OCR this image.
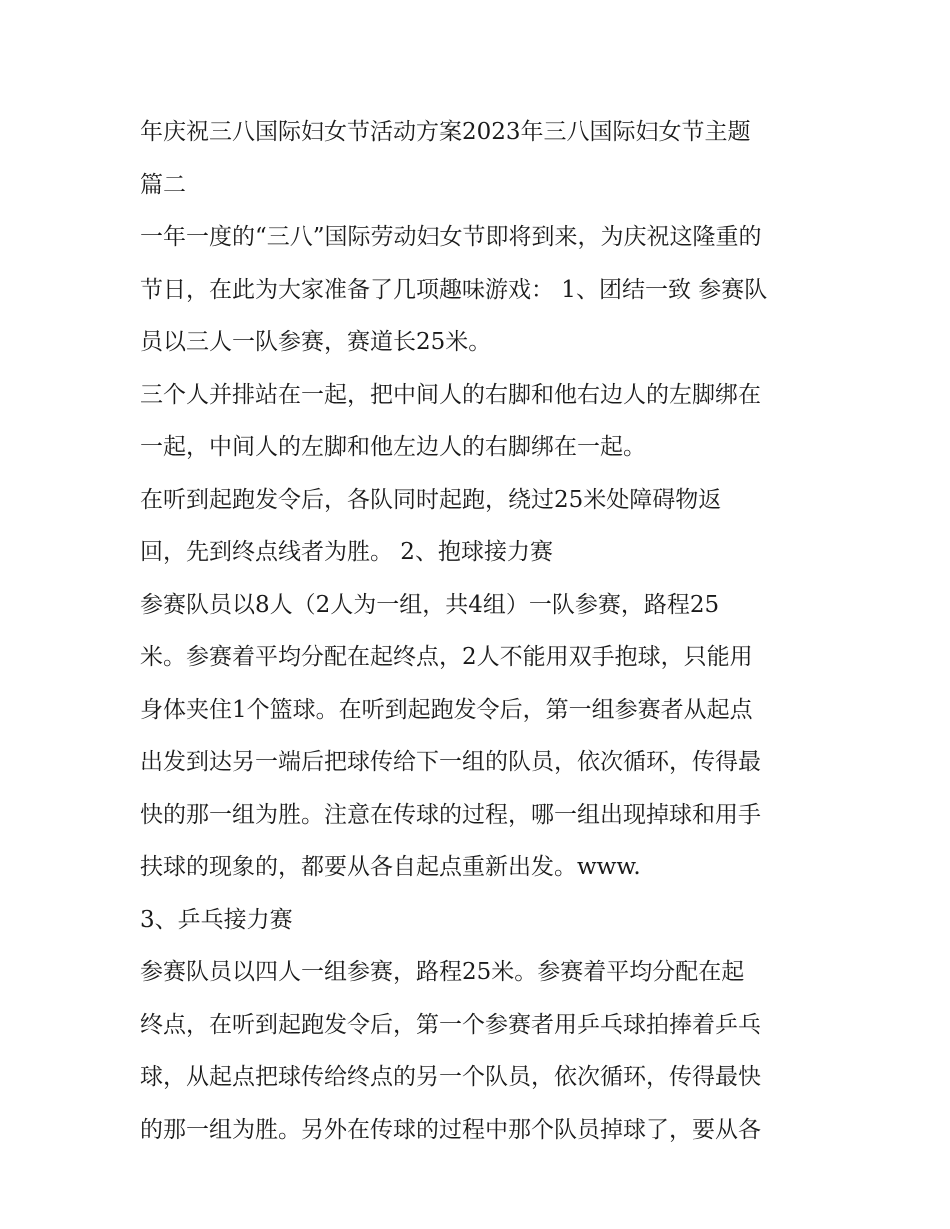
年庆祝三八国际妇女节活动方案2023年三八国际妇女节主题
篇二
一年一度的“三八”国际劳动妇女节即将到来，为庆祝这隆重的
节日，在此为大家准备了几项趣味游戏： 1、团结一致 参赛队
员以三人一队参赛，赛道长25米。
三个人并排站在一起，把中间人的右脚和他右边人的左脚绑在
一起，中间人的左脚和他左边人的右脚绑在一起。
在听到起跑发令后，各队同时起跑，绕过25米处障碍物返
回，先到终点线者为胜。 2、抱球接力赛
参赛队员以8人（2人为一组，共4组）一队参赛，路程25
米。参赛着平均分配在起终点，2人不能用双手抱球，只能用
身体夹住1个篮球。在听到起跑发令后，第一组参赛者从起点
出发到达另一端后把球传给下一组的队员，依次循环，传得最
快的那一组为胜。注意在传球的过程，哪一组出现掉球和用手
扶球的现象的，都要从各自起点重新出发。www.
3、乒乓接力赛
参赛队员以四人一组参赛，路程25米。参赛着平均分配在起
终点，在听到起跑发令后，第一个参赛者用乒乓球拍捧着乒乓
球，从起点把球传给终点的另一个队员，依次循环，传得最快
的那一组为胜。另外在传球的过程中那个队员掉球了，要从各
